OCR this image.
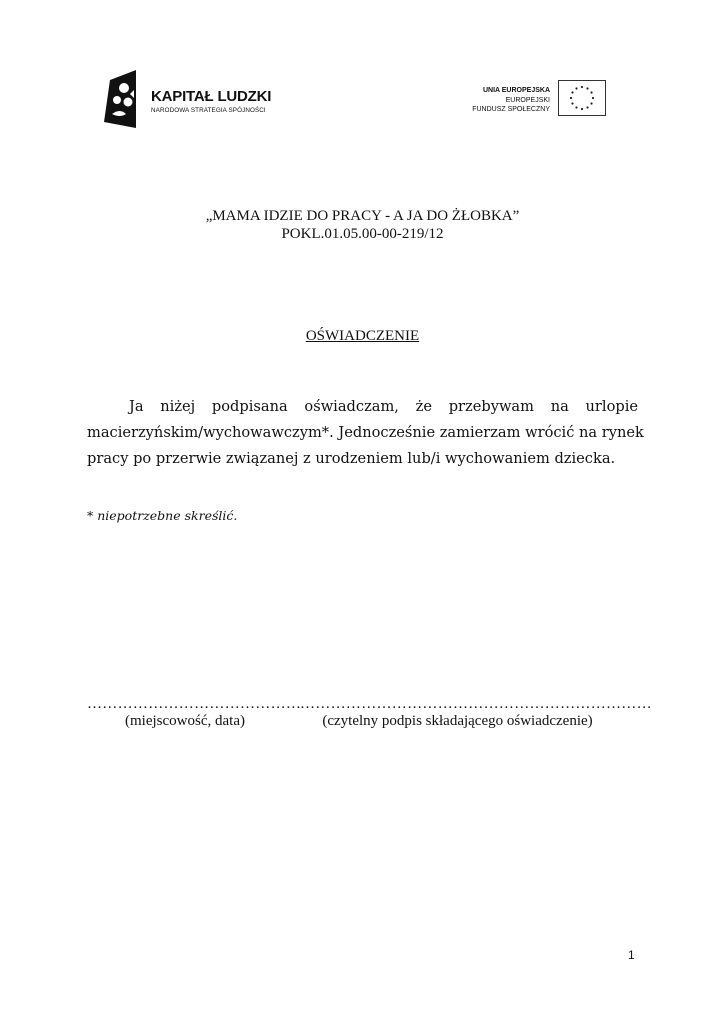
KAPITAŁ LUDZKI
NARODOWA STRATEGIA SPÓJNOŚCI
UNIA EUROPEJSKA
EUROPEJSKI
FUNDUSZ SPOŁECZNY
„MAMA IDZIE DO PRACY - A JA DO ŻŁOBKA”
POKL.01.05.00-00-219/12
OŚWIADCZENIE
Ja niżej podpisana oświadczam, że przebywam na urlopie
macierzyńskim/wychowawczym*. Jednocześnie zamierzam wrócić na rynek
pracy po przerwie związanej z urodzeniem lub/i wychowaniem dziecka.
* niepotrzebne skreślić.
……………………………………
(miejscowość, data)
……………………………………………………………
(czytelny podpis składającego oświadczenie)
1
